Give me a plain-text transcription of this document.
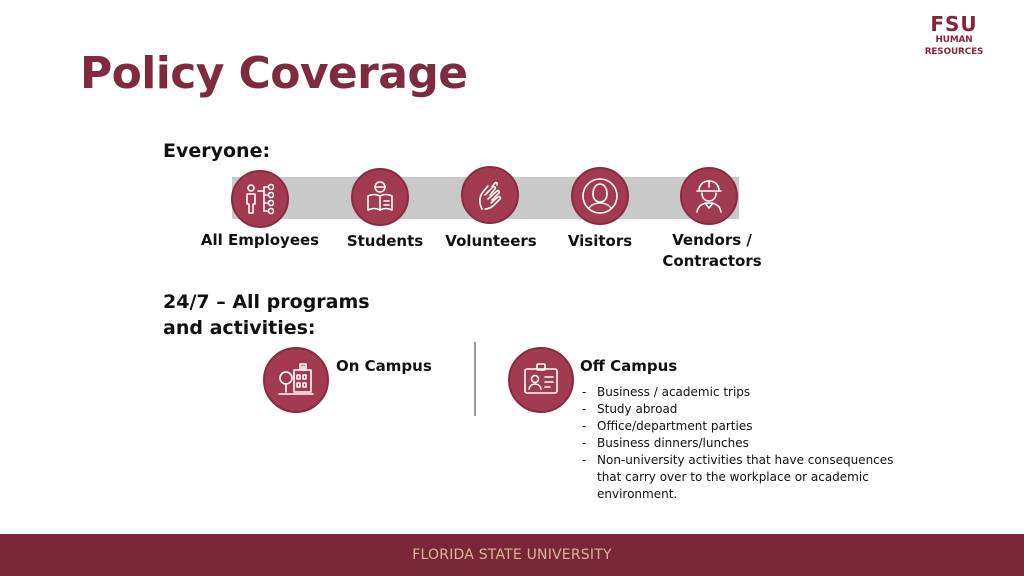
FSU
HUMAN RESOURCES
Policy Coverage
Everyone:
All Employees	Students	Volunteers	Visitors	Vendors /
Contractors
24/7 – All programs
and activities:
On Campus	Off Campus
- Business / academic trips
- Study abroad
- Office/department parties
- Business dinners/lunches
- Non-university activities that have consequences that carry over to the workplace or academic environment.
FLORIDA STATE UNIVERSITY
